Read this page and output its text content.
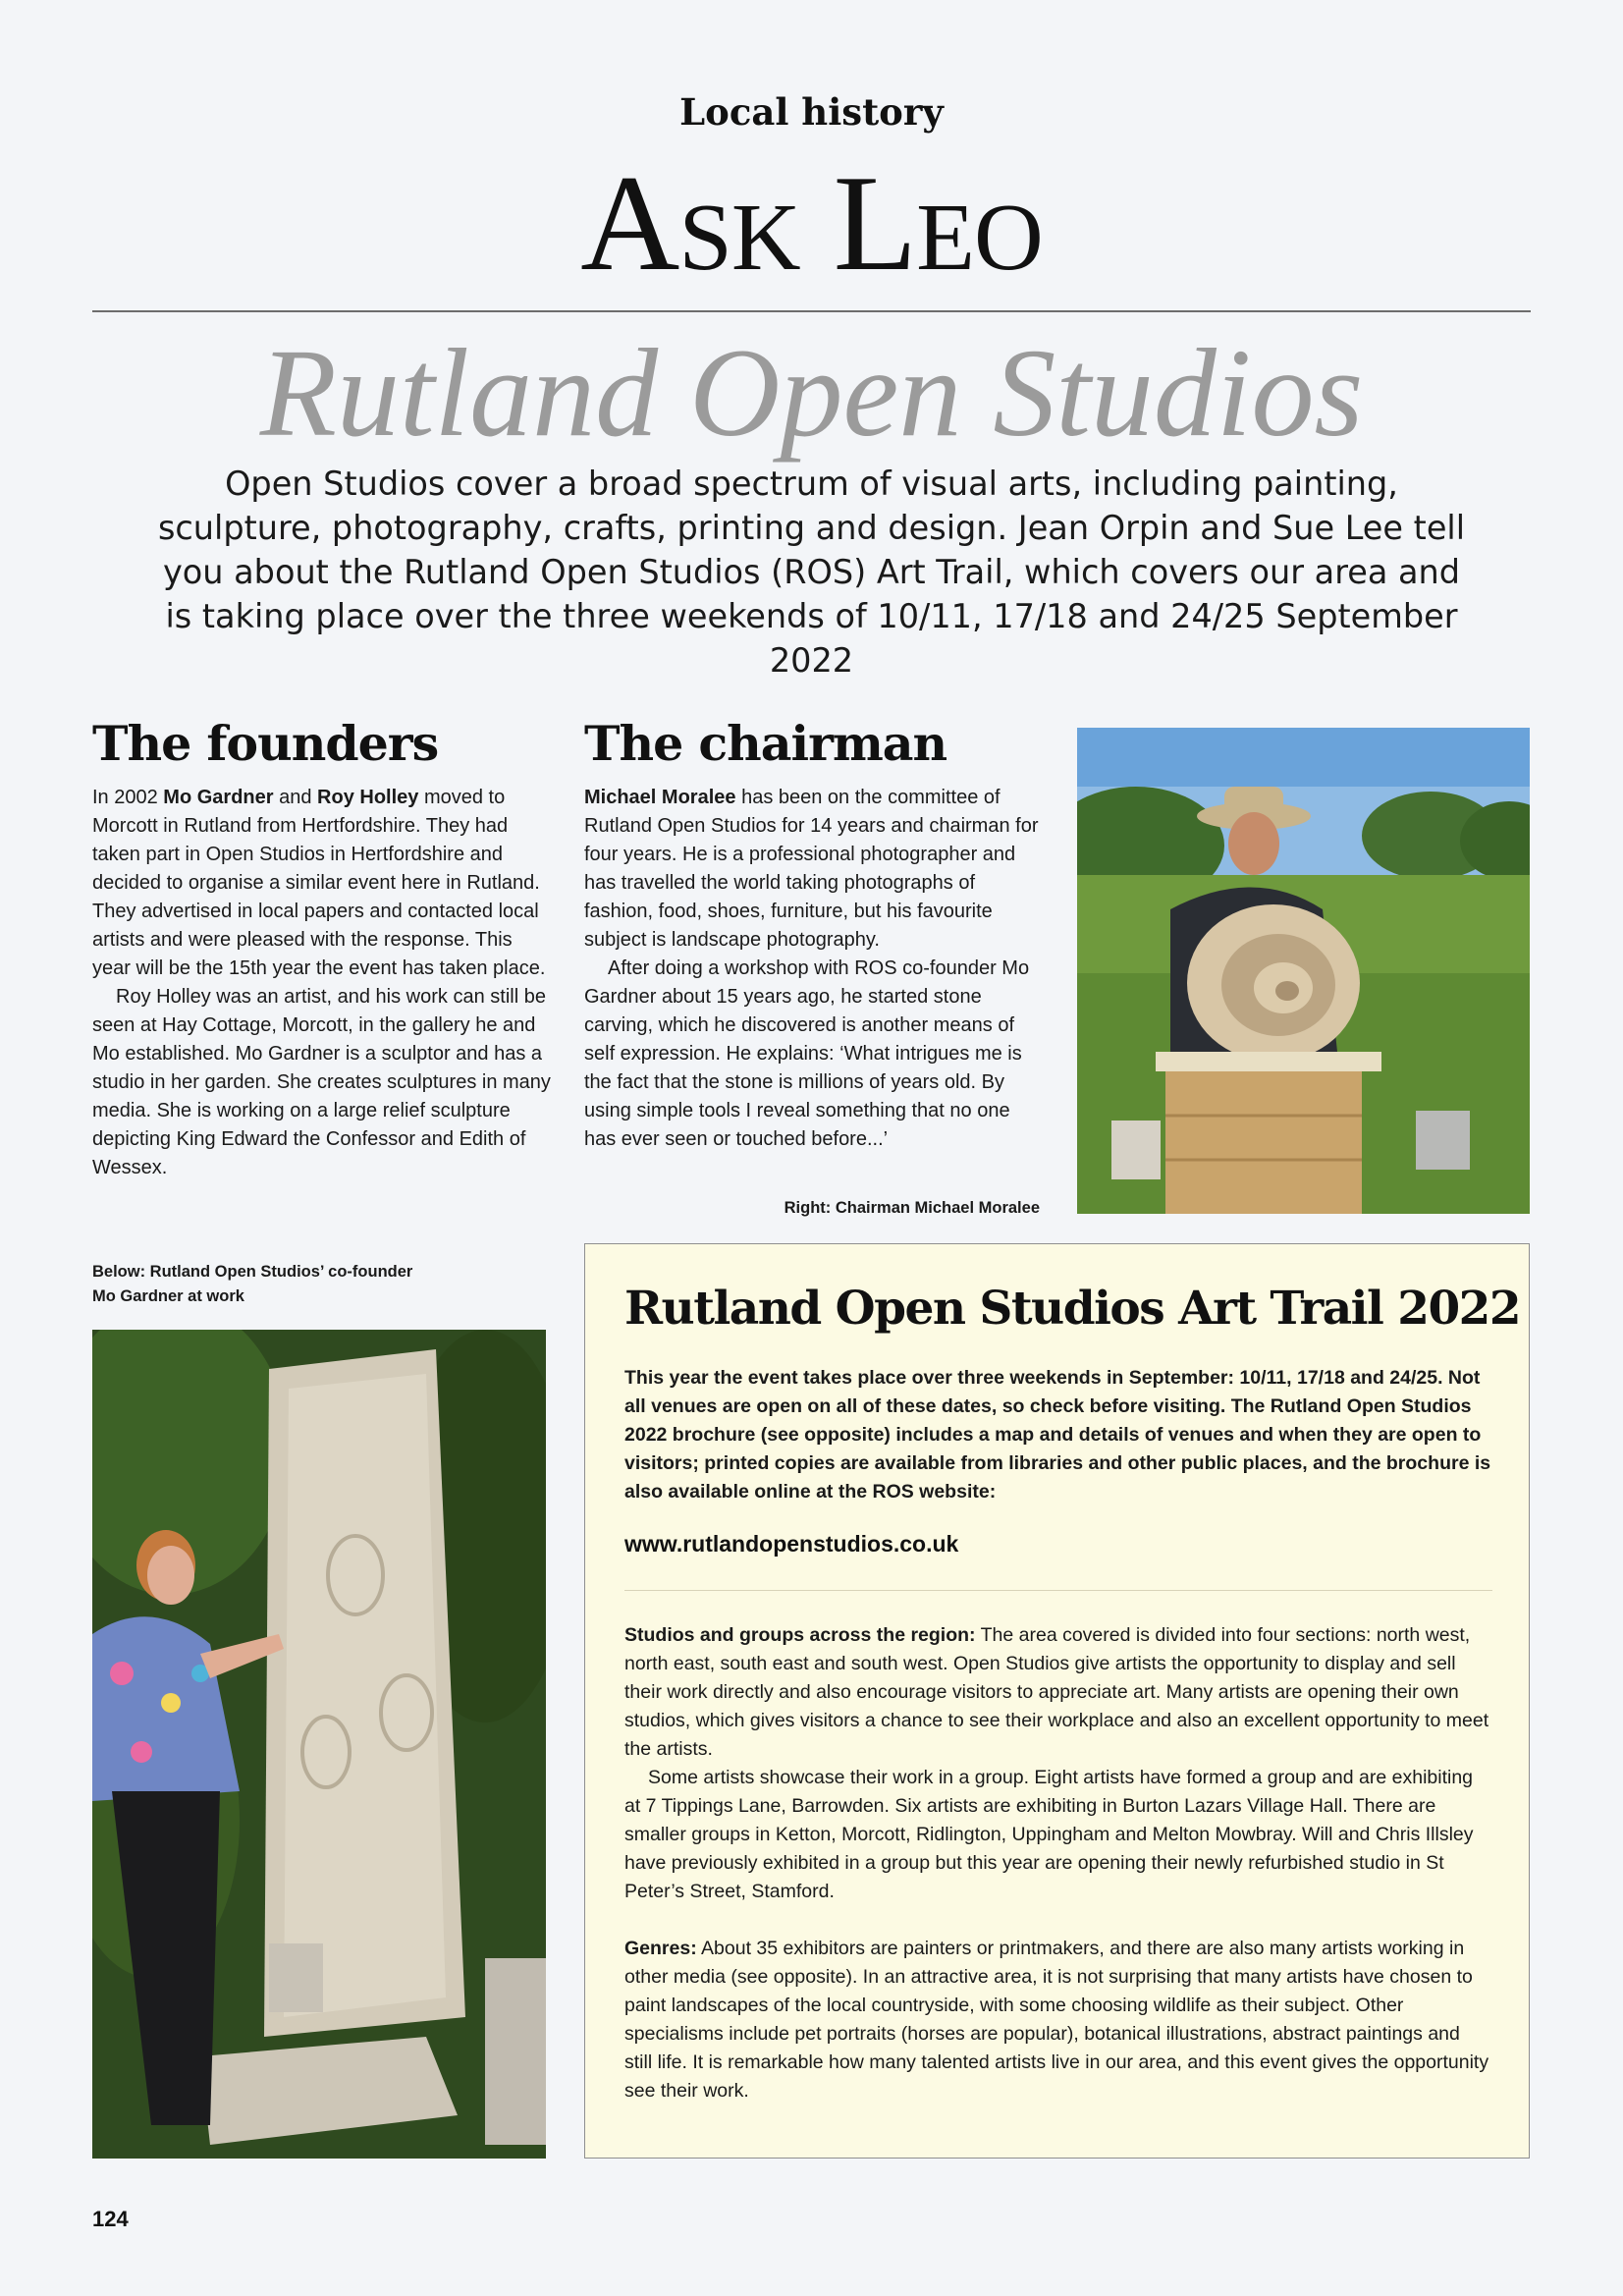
Local history
Ask Leo
Rutland Open Studios
Open Studios cover a broad spectrum of visual arts, including painting, sculpture, photography, crafts, printing and design. Jean Orpin and Sue Lee tell you about the Rutland Open Studios (ROS) Art Trail, which covers our area and is taking place over the three weekends of 10/11, 17/18 and 24/25 September 2022
The founders

In 2002 Mo Gardner and Roy Holley moved to Morcott in Rutland from Hertfordshire. They had taken part in Open Studios in Hertfordshire and decided to organise a similar event here in Rutland. They advertised in local papers and contacted local artists and were pleased with the response. This year will be the 15th year the event has taken place.

Roy Holley was an artist, and his work can still be seen at Hay Cottage, Morcott, in the gallery he and Mo established. Mo Gardner is a sculptor and has a studio in her garden. She creates sculptures in many media. She is working on a large relief sculpture depicting King Edward the Confessor and Edith of Wessex.

The chairman

Michael Moralee has been on the committee of Rutland Open Studios for 14 years and chairman for four years. He is a professional photographer and has travelled the world taking photographs of fashion, food, shoes, furniture, but his favourite subject is landscape photography.

After doing a workshop with ROS co-founder Mo Gardner about 15 years ago, he started stone carving, which he discovered is another means of self expression. He explains: ‘What intrigues me is the fact that the stone is millions of years old. By using simple tools I reveal something that no one has ever seen or touched before...’

Right: Chairman Michael Moralee
Below: Rutland Open Studios’ co-founder
Mo Gardner at work	Rutland Open Studios Art Trail 2022
This year the event takes place over three weekends in September: 10/11, 17/18 and 24/25. Not all venues are open on all of these dates, so check before visiting. The Rutland Open Studios 2022 brochure (see opposite) includes a map and details of venues and when they are open to visitors; printed copies are available from libraries and other public places, and the brochure is also available online at the ROS website:
www.rutlandopenstudios.co.uk

Studios and groups across the region: The area covered is divided into four sections: north west, north east, south east and south west. Open Studios give artists the opportunity to display and sell their work directly and also encourage visitors to appreciate art. Many artists are opening their own studios, which gives visitors a chance to see their workplace and also an excellent opportunity to meet the artists.

Some artists showcase their work in a group. Eight artists have formed a group and are exhibiting at 7 Tippings Lane, Barrowden. Six artists are exhibiting in Burton Lazars Village Hall. There are smaller groups in Ketton, Morcott, Ridlington, Uppingham and Melton Mowbray. Will and Chris Illsley have previously exhibited in a group but this year are opening their newly refurbished studio in St Peter’s Street, Stamford.

Genres: About 35 exhibitors are painters or printmakers, and there are also many artists working in other media (see opposite). In an attractive area, it is not surprising that many artists have chosen to paint landscapes of the local countryside, with some choosing wildlife as their subject. Other specialisms include pet portraits (horses are popular), botanical illustrations, abstract paintings and still life. It is remarkable how many talented artists live in our area, and this event gives the opportunity see their work.

124
